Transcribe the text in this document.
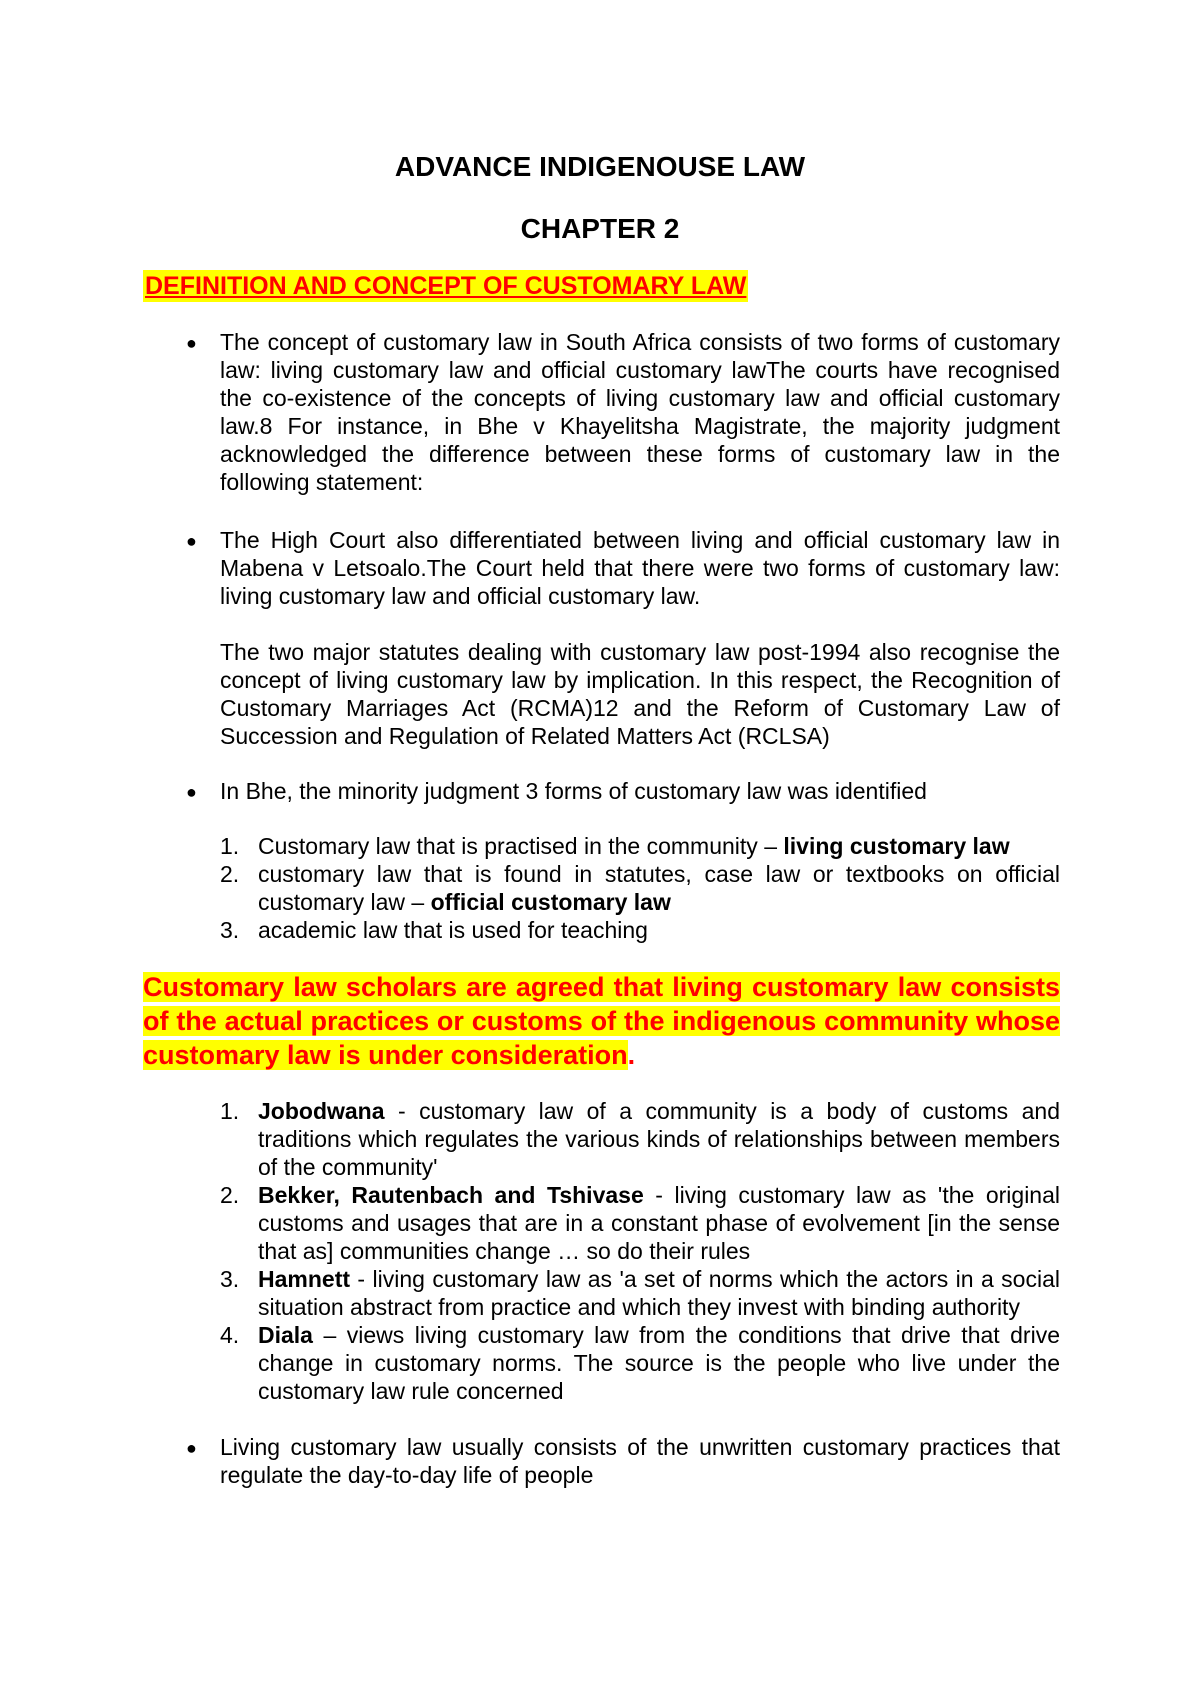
ADVANCE INDIGENOUSE LAW
CHAPTER 2
DEFINITION AND CONCEPT OF CUSTOMARY LAW
● The concept of customary law in South Africa consists of two forms of customary law: living customary law and official customary lawThe courts have recognised the co-existence of the concepts of living customary law and official customary law.8 For instance, in Bhe v Khayelitsha Magistrate, the majority judgment acknowledged the difference between these forms of customary law in the following statement:
● The High Court also differentiated between living and official customary law in Mabena v Letsoalo.The Court held that there were two forms of customary law: living customary law and official customary law.
The two major statutes dealing with customary law post-1994 also recognise the concept of living customary law by implication. In this respect, the Recognition of Customary Marriages Act (RCMA)12 and the Reform of Customary Law of Succession and Regulation of Related Matters Act (RCLSA)
● In Bhe, the minority judgment 3 forms of customary law was identified
1. Customary law that is practised in the community – living customary law
2. customary law that is found in statutes, case law or textbooks on official customary law – official customary law
3. academic law that is used for teaching
Customary law scholars are agreed that living customary law consists of the actual practices or customs of the indigenous community whose customary law is under consideration.
1. Jobodwana - customary law of a community is a body of customs and traditions which regulates the various kinds of relationships between members of the community'
2. Bekker, Rautenbach and Tshivase - living customary law as 'the original customs and usages that are in a constant phase of evolvement [in the sense that as] communities change … so do their rules
3. Hamnett - living customary law as 'a set of norms which the actors in a social situation abstract from practice and which they invest with binding authority
4. Diala – views living customary law from the conditions that drive that drive change in customary norms. The source is the people who live under the customary law rule concerned
● Living customary law usually consists of the unwritten customary practices that regulate the day-to-day life of people
